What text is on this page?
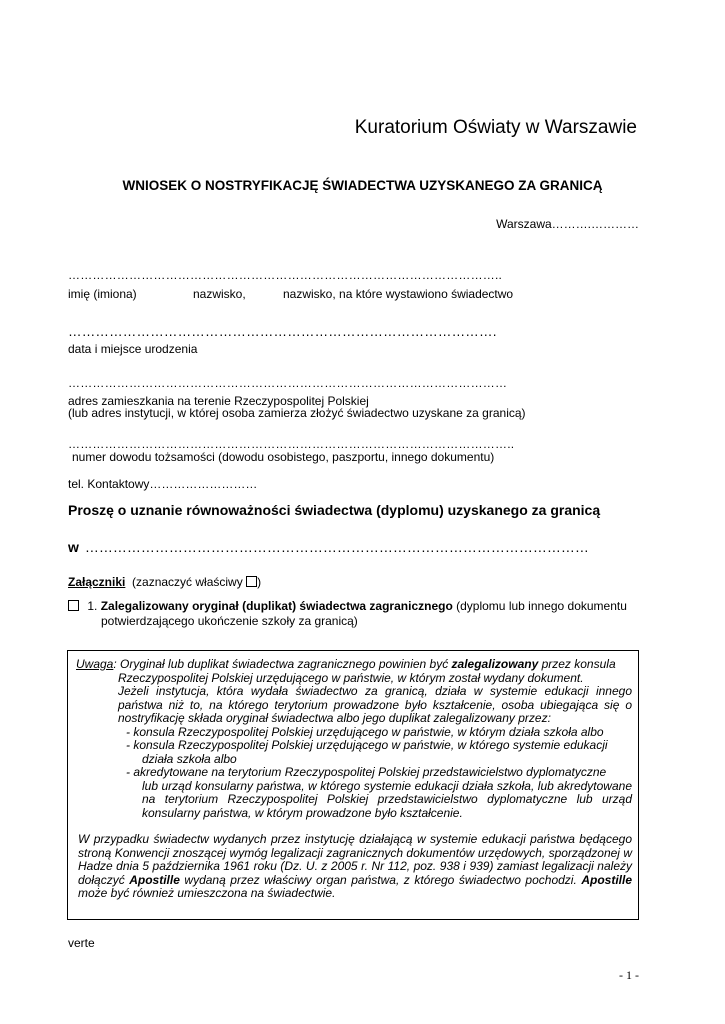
Kuratorium Oświaty w Warszawie
WNIOSEK O NOSTRYFIKACJĘ ŚWIADECTWA UZYSKANEGO ZA GRANICĄ
Warszawa……….…………
……………………………………………………………………………………………..
imię (imiona)	nazwisko,	nazwisko, na które wystawiono świadectwo
………………………………………………………………………………….
data i miejsce urodzenia
………………………………………………………………………………………………
adres zamieszkania na terenie Rzeczypospolitej Polskiej
(lub adres instytucji, w której osoba zamierza złożyć świadectwo uzyskane za granicą)
………………………………………………………………………………………………..
numer dowodu tożsamości (dowodu osobistego, paszportu, innego dokumentu)
tel. Kontaktowy………………………
Proszę o uznanie równoważności świadectwa (dyplomu) uzyskanego za granicą
w ………………………………………………………………………………………………
Załączniki (zaznaczyć właściwy )
1. Zalegalizowany oryginał (duplikat) świadectwa zagranicznego (dyplomu lub innego dokumentu
potwierdzającego ukończenie szkoły za granicą)

Uwaga: Oryginał lub duplikat świadectwa zagranicznego powinien być zalegalizowany przez konsula

Rzeczypospolitej Polskiej urzędującego w państwie, w którym został wydany dokument.

Jeżeli instytucja, która wydała świadectwo za granicą, działa w systemie edukacji innego państwa niż to, na którego terytorium prowadzone było kształcenie, osoba ubiegająca się o nostryfikację składa oryginał świadectwa albo jego duplikat zalegalizowany przez:

- konsula Rzeczypospolitej Polskiej urzędującego w państwie, w którym działa szkoła albo

- konsula Rzeczypospolitej Polskiej urzędującego w państwie, w którego systemie edukacji

działa szkoła albo

- akredytowane na terytorium Rzeczypospolitej Polskiej przedstawicielstwo dyplomatyczne

lub urząd konsularny państwa, w którego systemie edukacji działa szkoła, lub akredytowane na terytorium Rzeczypospolitej Polskiej przedstawicielstwo dyplomatyczne lub urząd konsularny państwa, w którym prowadzone było kształcenie.

W przypadku świadectw wydanych przez instytucję działającą w systemie edukacji państwa będącego stroną Konwencji znoszącej wymóg legalizacji zagranicznych dokumentów urzędowych, sporządzonej w Hadze dnia 5 października 1961 roku (Dz. U. z 2005 r. Nr 112, poz. 938 i 939) zamiast legalizacji należy dołączyć Apostille wydaną przez właściwy organ państwa, z którego świadectwo pochodzi. Apostille może być również umieszczona na świadectwie.

verte
- 1 -
